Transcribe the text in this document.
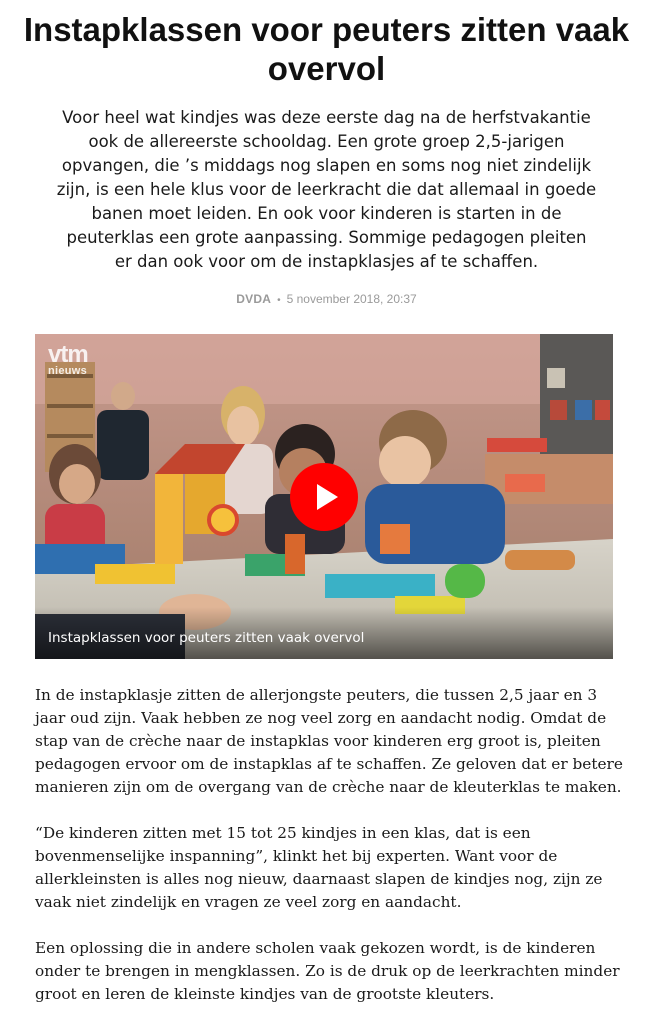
Instapklassen voor peuters zitten vaak overvol

Voor heel wat kindjes was deze eerste dag na de herfstvakantie ook de allereerste schooldag. Een grote groep 2,5-jarigen opvangen, die ’s middags nog slapen en soms nog niet zindelijk zijn, is een hele klus voor de leerkracht die dat allemaal in goede banen moet leiden. En ook voor kinderen is starten in de peuterklas een grote aanpassing. Sommige pedagogen pleiten er dan ook voor om de instapklasjes af te schaffen.

DVDA • 5 november 2018, 20:37
vtm
nieuws
Instapklassen voor peuters zitten vaak overvol

In de instapklasje zitten de allerjongste peuters, die tussen 2,5 jaar en 3 jaar oud zijn. Vaak hebben ze nog veel zorg en aandacht nodig. Omdat de stap van de crèche naar de instapklas voor kinderen erg groot is, pleiten pedagogen ervoor om de instapklas af te schaffen. Ze geloven dat er betere manieren zijn om de overgang van de crèche naar de kleuterklas te maken.

“De kinderen zitten met 15 tot 25 kindjes in een klas, dat is een bovenmenselijke inspanning”, klinkt het bij experten. Want voor de allerkleinsten is alles nog nieuw, daarnaast slapen de kindjes nog, zijn ze vaak niet zindelijk en vragen ze veel zorg en aandacht.

Een oplossing die in andere scholen vaak gekozen wordt, is de kinderen onder te brengen in mengklassen. Zo is de druk op de leerkrachten minder groot en leren de kleinste kindjes van de grootste kleuters.
